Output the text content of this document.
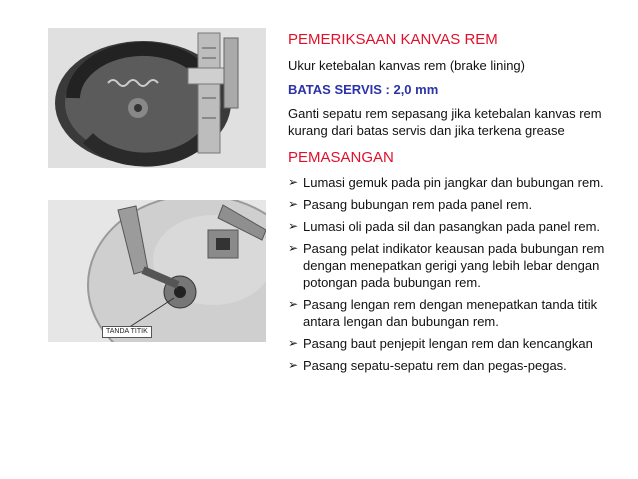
TANDA TITIK
PEMERIKSAAN KANVAS REM

Ukur ketebalan kanvas rem (brake lining)

BATAS SERVIS : 2,0 mm

Ganti sepatu rem sepasang jika ketebalan kanvas rem kurang dari batas servis dan jika terkena grease

PEMASANGAN
➢ Lumasi gemuk pada pin jangkar dan bubungan rem.
➢ Pasang bubungan rem pada panel rem.
➢ Lumasi oli pada sil dan pasangkan pada panel rem.
➢ Pasang pelat indikator keausan pada bubungan rem dengan menepatkan gerigi yang lebih lebar dengan potongan pada bubungan rem.
➢ Pasang lengan rem dengan menepatkan tanda titik antara lengan dan bubungan rem.
➢ Pasang baut penjepit lengan rem dan kencangkan
➢ Pasang sepatu-sepatu rem dan pegas-pegas.
